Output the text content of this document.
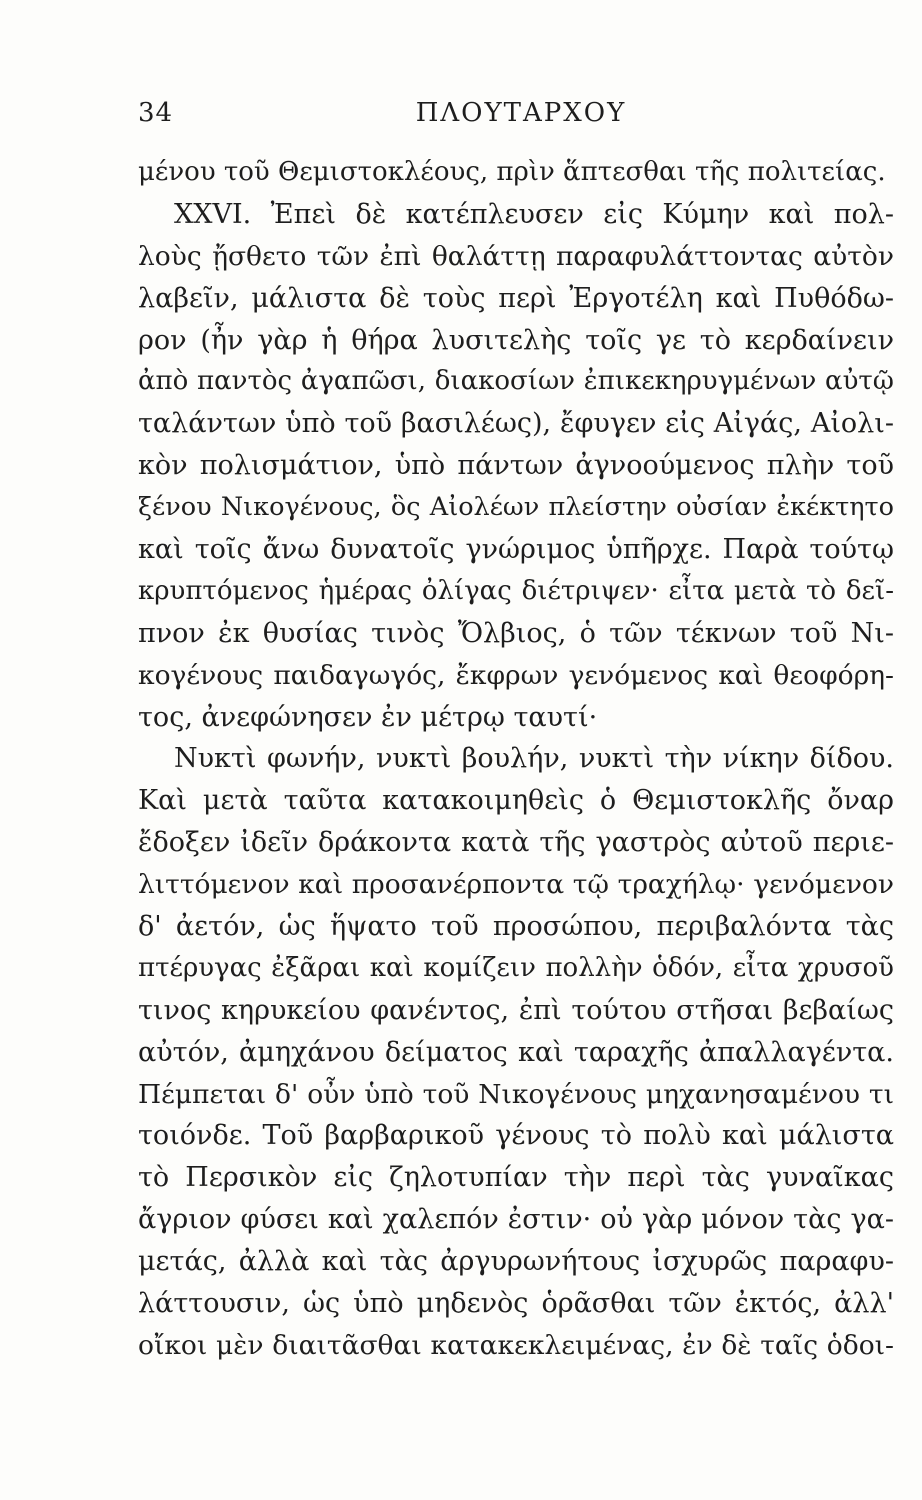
34	ΠΛΟΥΤΑΡΧΟΥ
μένου τοῦ Θεμιστοκλέους, πρὶν ἅπτεσθαι τῆς πολιτείας.
XXVI. Ἐπεὶ δὲ κατέπλευσεν εἰς Κύμην καὶ πολ-
λοὺς ᾔσθετο τῶν ἐπὶ θαλάττῃ παραφυλάττοντας αὐτὸν
λαβεῖν, μάλιστα δὲ τοὺς περὶ Ἐργοτέλη καὶ Πυθόδω-
ρον (ἦν γὰρ ἡ θήρα λυσιτελὴς τοῖς γε τὸ κερδαίνειν
ἀπὸ παντὸς ἀγαπῶσι, διακοσίων ἐπικεκηρυγμένων αὐτῷ
ταλάντων ὑπὸ τοῦ βασιλέως), ἔφυγεν εἰς Αἰγάς, Αἰολι-
κὸν πολισμάτιον, ὑπὸ πάντων ἀγνοούμενος πλὴν τοῦ
ξένου Νικογένους, ὃς Αἰολέων πλείστην οὐσίαν ἐκέκτητο
καὶ τοῖς ἄνω δυνατοῖς γνώριμος ὑπῆρχε. Παρὰ τούτῳ
κρυπτόμενος ἡμέρας ὀλίγας διέτριψεν· εἶτα μετὰ τὸ δεῖ-
πνον ἐκ θυσίας τινὸς Ὄλβιος, ὁ τῶν τέκνων τοῦ Νι-
κογένους παιδαγωγός, ἔκφρων γενόμενος καὶ θεοφόρη-
τος, ἀνεφώνησεν ἐν μέτρῳ ταυτί·
Νυκτὶ φωνήν, νυκτὶ βουλήν, νυκτὶ τὴν νίκην δίδου.
Καὶ μετὰ ταῦτα κατακοιμηθεὶς ὁ Θεμιστοκλῆς ὄναρ
ἔδοξεν ἰδεῖν δράκοντα κατὰ τῆς γαστρὸς αὐτοῦ περιε-
λιττόμενον καὶ προσανέρποντα τῷ τραχήλῳ· γενόμενον
δ' ἀετόν, ὡς ἥψατο τοῦ προσώπου, περιβαλόντα τὰς
πτέρυγας ἐξᾶραι καὶ κομίζειν πολλὴν ὁδόν, εἶτα χρυσοῦ
τινος κηρυκείου φανέντος, ἐπὶ τούτου στῆσαι βεβαίως
αὐτόν, ἀμηχάνου δείματος καὶ ταραχῆς ἀπαλλαγέντα.
Πέμπεται δ' οὖν ὑπὸ τοῦ Νικογένους μηχανησαμένου τι
τοιόνδε. Τοῦ βαρβαρικοῦ γένους τὸ πολὺ καὶ μάλιστα
τὸ Περσικὸν εἰς ζηλοτυπίαν τὴν περὶ τὰς γυναῖκας
ἄγριον φύσει καὶ χαλεπόν ἐστιν· οὐ γὰρ μόνον τὰς γα-
μετάς, ἀλλὰ καὶ τὰς ἀργυρωνήτους ἰσχυρῶς παραφυ-
λάττουσιν, ὡς ὑπὸ μηδενὸς ὁρᾶσθαι τῶν ἐκτός, ἀλλ'
οἴκοι μὲν διαιτᾶσθαι κατακεκλειμένας, ἐν δὲ ταῖς ὁδοι-
